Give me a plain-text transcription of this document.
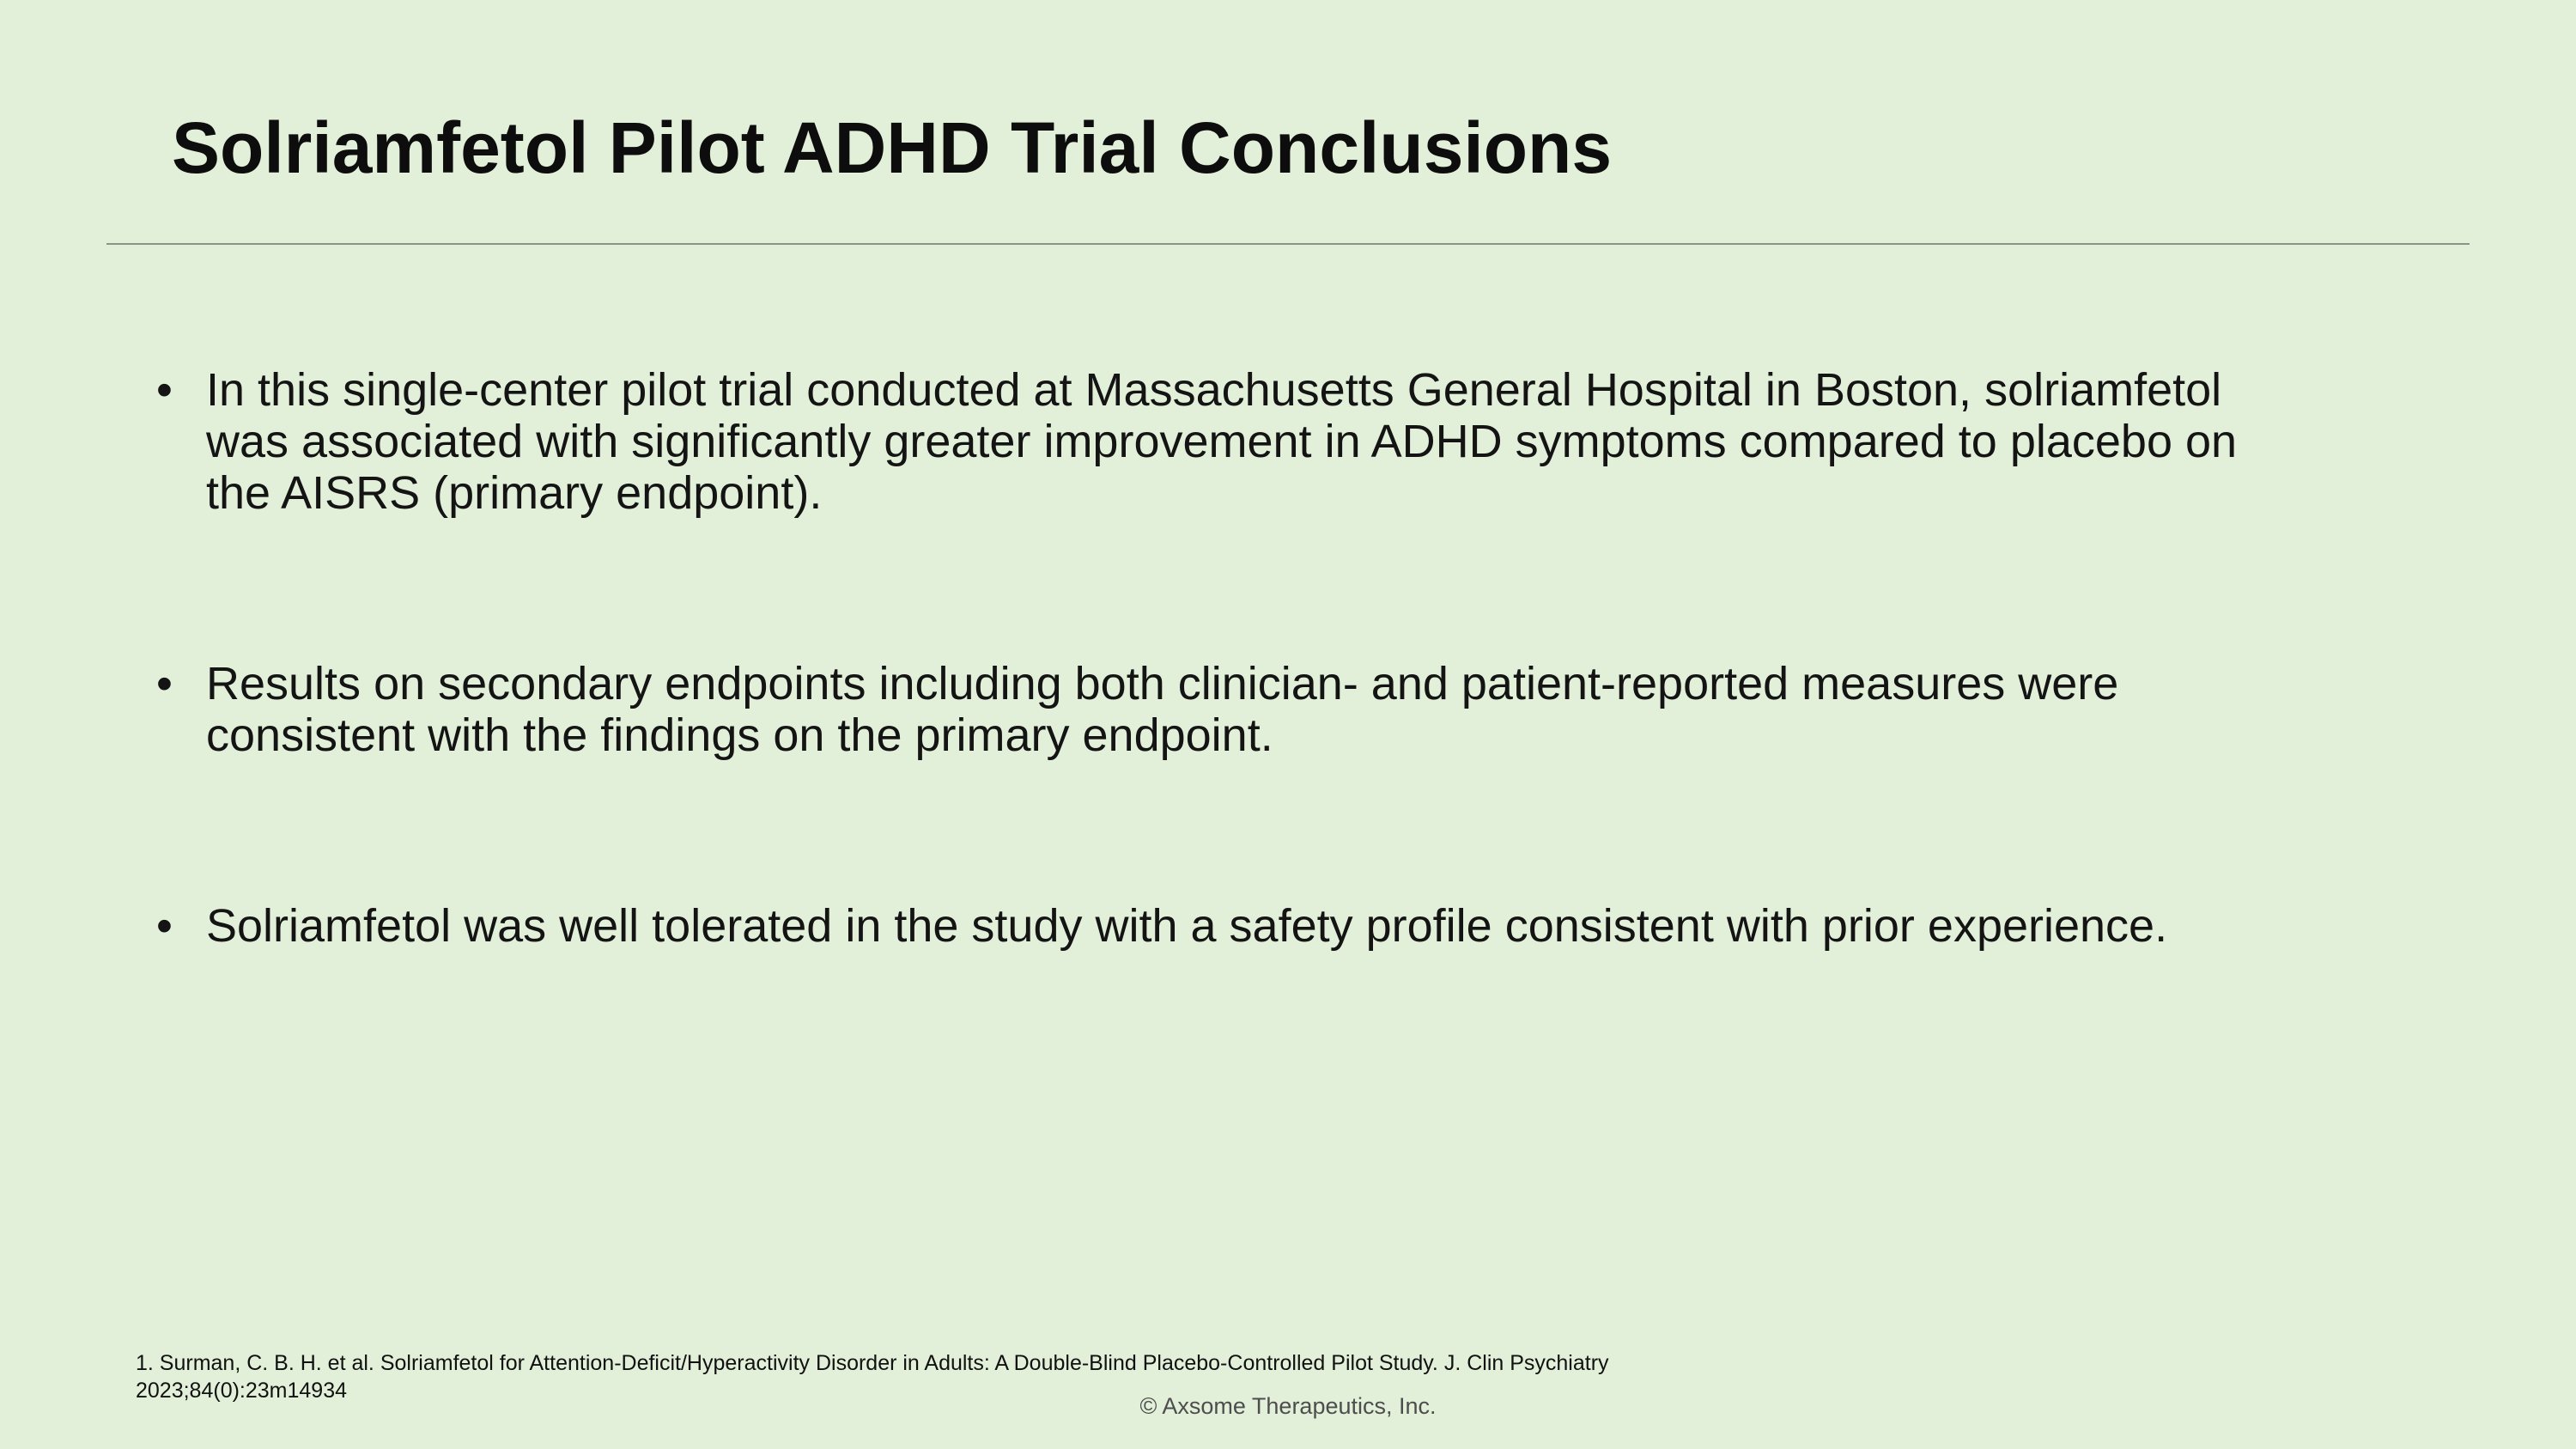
Solriamfetol Pilot ADHD Trial Conclusions
• In this single-center pilot trial conducted at Massachusetts General Hospital in Boston, solriamfetol
was associated with significantly greater improvement in ADHD symptoms compared to placebo on
the AISRS (primary endpoint).
• Results on secondary endpoints including both clinician- and patient-reported measures were
consistent with the findings on the primary endpoint.
• Solriamfetol was well tolerated in the study with a safety profile consistent with prior experience.
1. Surman, C. B. H. et al. Solriamfetol for Attention-Deficit/Hyperactivity Disorder in Adults: A Double-Blind Placebo-Controlled Pilot Study. J. Clin Psychiatry
2023;84(0):23m14934
© Axsome Therapeutics, Inc.
